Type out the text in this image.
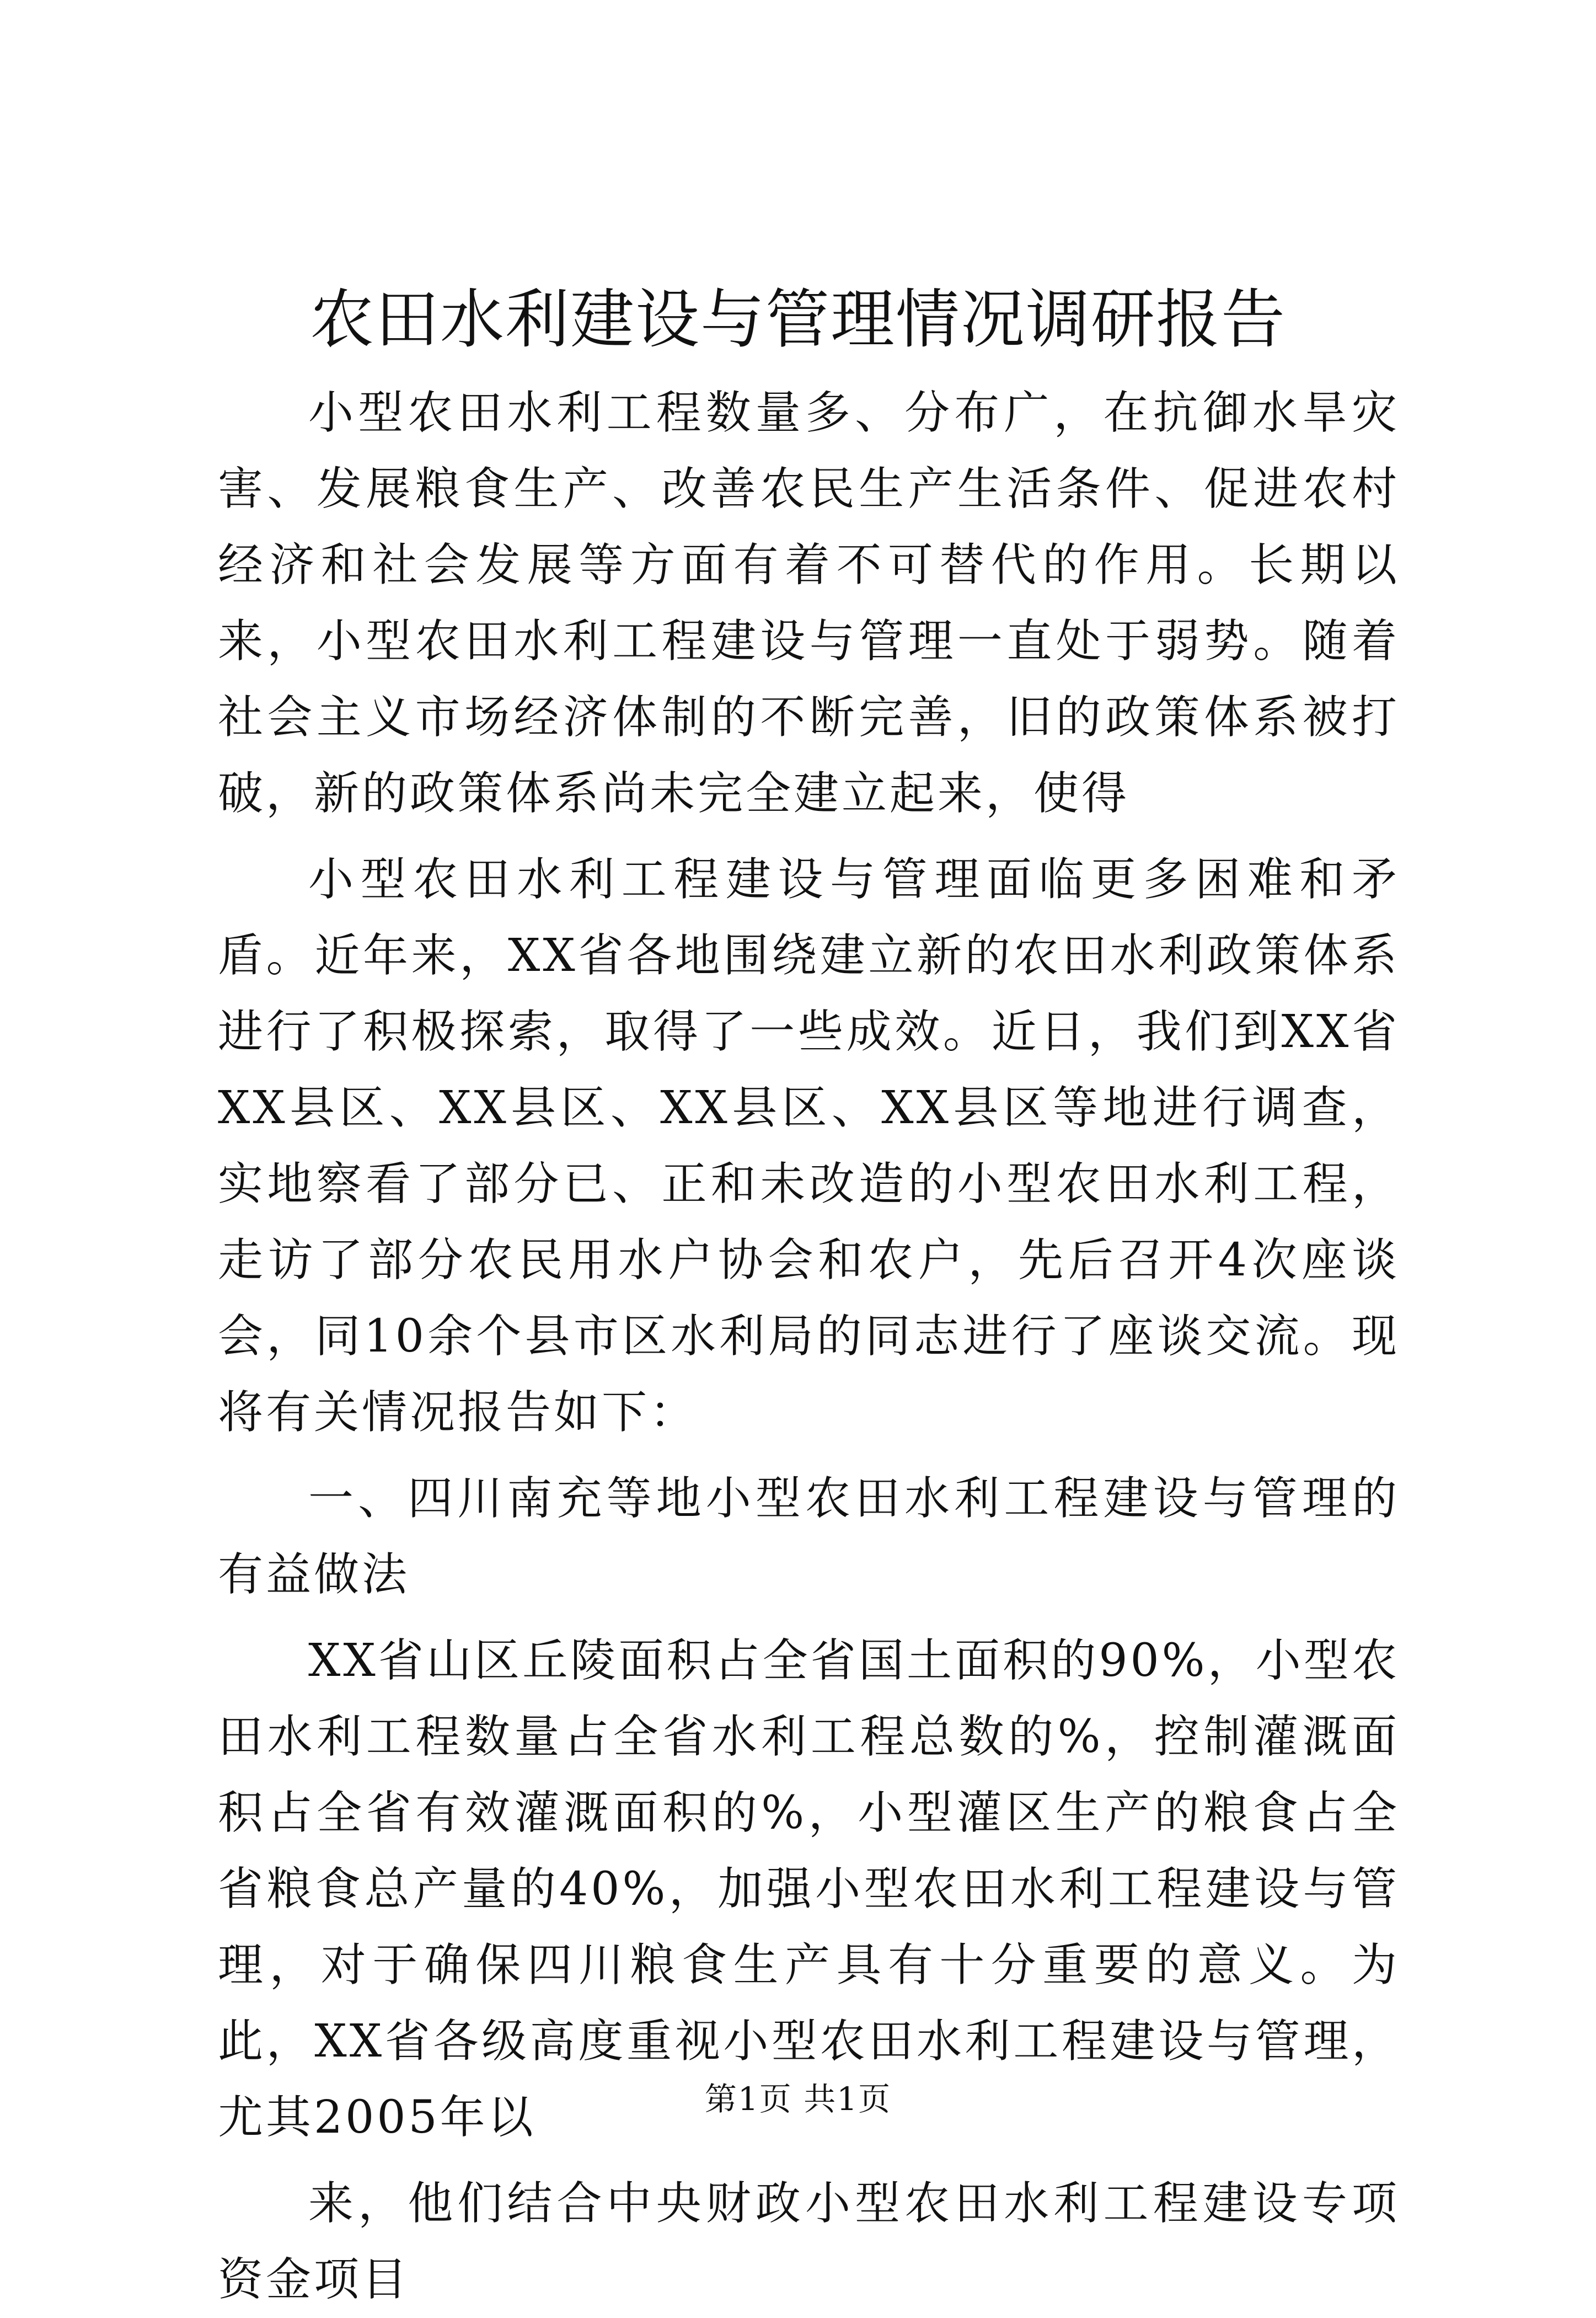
农田水利建设与管理情况调研报告

小型农田水利工程数量多、分布广，在抗御水旱灾害、发展粮食生产、改善农民生产生活条件、促进农村经济和社会发展等方面有着不可替代的作用。长期以来，小型农田水利工程建设与管理一直处于弱势。随着社会主义市场经济体制的不断完善，旧的政策体系被打破，新的政策体系尚未完全建立起来，使得

小型农田水利工程建设与管理面临更多困难和矛盾。近年来，XX省各地围绕建立新的农田水利政策体系进行了积极探索，取得了一些成效。近日，我们到XX省XX县区、XX县区、XX县区、XX县区等地进行调查，实地察看了部分已、正和未改造的小型农田水利工程，走访了部分农民用水户协会和农户，先后召开4次座谈会，同10余个县市区水利局的同志进行了座谈交流。现将有关情况报告如下：

一、四川南充等地小型农田水利工程建设与管理的有益做法

XX省山区丘陵面积占全省国土面积的90%，小型农田水利工程数量占全省水利工程总数的%，控制灌溉面积占全省有效灌溉面积的%，小型灌区生产的粮食占全省粮食总产量的40%，加强小型农田水利工程建设与管理，对于确保四川粮食生产具有十分重要的意义。为此，XX省各级高度重视小型农田水利工程建设与管理，尤其2005年以

来，他们结合中央财政小型农田水利工程建设专项资金项目

第1页 共1页
